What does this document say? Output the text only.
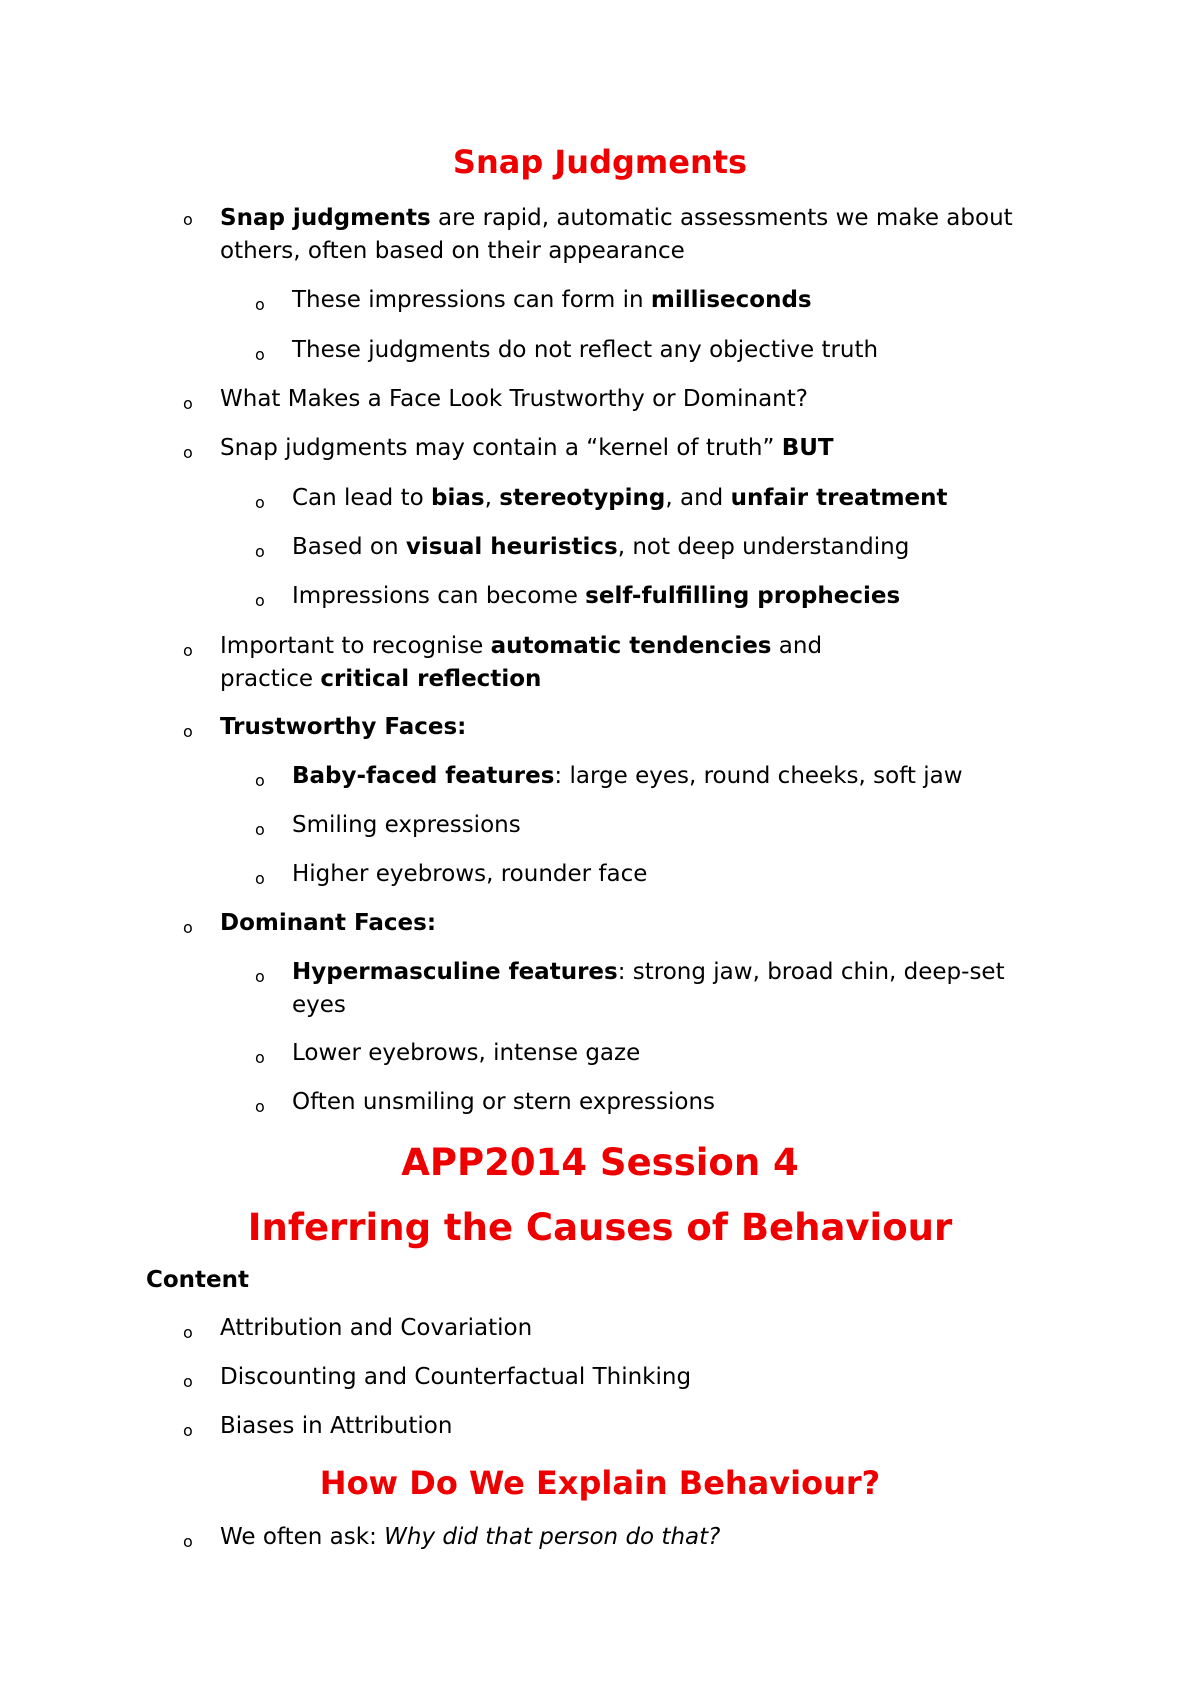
Snap Judgments
o Snap judgments are rapid, automatic assessments we make about
others, often based on their appearance
o These impressions can form in milliseconds
o These judgments do not reflect any objective truth
o What Makes a Face Look Trustworthy or Dominant?
o Snap judgments may contain a “kernel of truth” BUT
o Can lead to bias, stereotyping, and unfair treatment
o Based on visual heuristics, not deep understanding
o Impressions can become self-fulfilling prophecies
o Important to recognise automatic tendencies and
practice critical reflection
o Trustworthy Faces:
o Baby-faced features: large eyes, round cheeks, soft jaw
o Smiling expressions
o Higher eyebrows, rounder face
o Dominant Faces:
o Hypermasculine features: strong jaw, broad chin, deep-set
eyes
o Lower eyebrows, intense gaze
o Often unsmiling or stern expressions
APP2014 Session 4
Inferring the Causes of Behaviour
Content
o Attribution and Covariation
o Discounting and Counterfactual Thinking
o Biases in Attribution
How Do We Explain Behaviour?
o We often ask: Why did that person do that?
